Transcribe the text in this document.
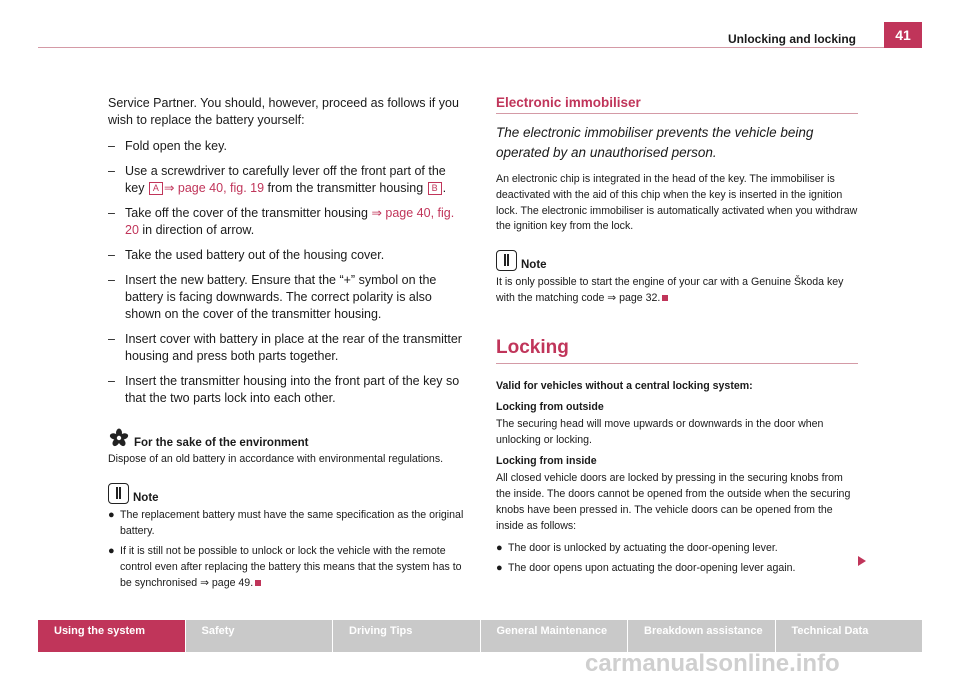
Unlocking and locking	41

Service Partner. You should, however, proceed as follows if you wish to replace the battery yourself:

– Fold open the key.
– Use a screwdriver to carefully lever off the front part of the key A ⇒ page 40, fig. 19 from the transmitter housing B .
– Take off the cover of the transmitter housing ⇒ page 40, fig. 20 in direction of arrow.
– Take the used battery out of the housing cover.
– Insert the new battery. Ensure that the “+” symbol on the battery is facing downwards. The correct polarity is also shown on the cover of the transmitter housing.
– Insert cover with battery in place at the rear of the transmitter housing and press both parts together.
– Insert the transmitter housing into the front part of the key so that the two parts lock into each other.
For the sake of the environment

Dispose of an old battery in accordance with environmental regulations.

Note

● The replacement battery must have the same specification as the original battery.

● If it is still not be possible to unlock or lock the vehicle with the remote control even after replacing the battery this means that the system has to be synchronised ⇒ page 49.

Electronic immobiliser

The electronic immobiliser prevents the vehicle being operated by an unauthorised person.

An electronic chip is integrated in the head of the key. The immobiliser is deactivated with the aid of this chip when the key is inserted in the ignition lock. The electronic immobiliser is automatically activated when you withdraw the ignition key from the lock.

Note

It is only possible to start the engine of your car with a Genuine Škoda key with the matching code ⇒ page 32.

Locking

Valid for vehicles without a central locking system:

Locking from outside

The securing head will move upwards or downwards in the door when unlocking or locking.

Locking from inside

All closed vehicle doors are locked by pressing in the securing knobs from the inside. The doors cannot be opened from the outside when the securing knobs have been pressed in. The vehicle doors can be opened from the inside as follows:

● The door is unlocked by actuating the door-opening lever.

● The door opens upon actuating the door-opening lever again.

Using the system	Safety	Driving Tips	General Maintenance	Breakdown assistance	Technical Data
carmanualsonline.info
